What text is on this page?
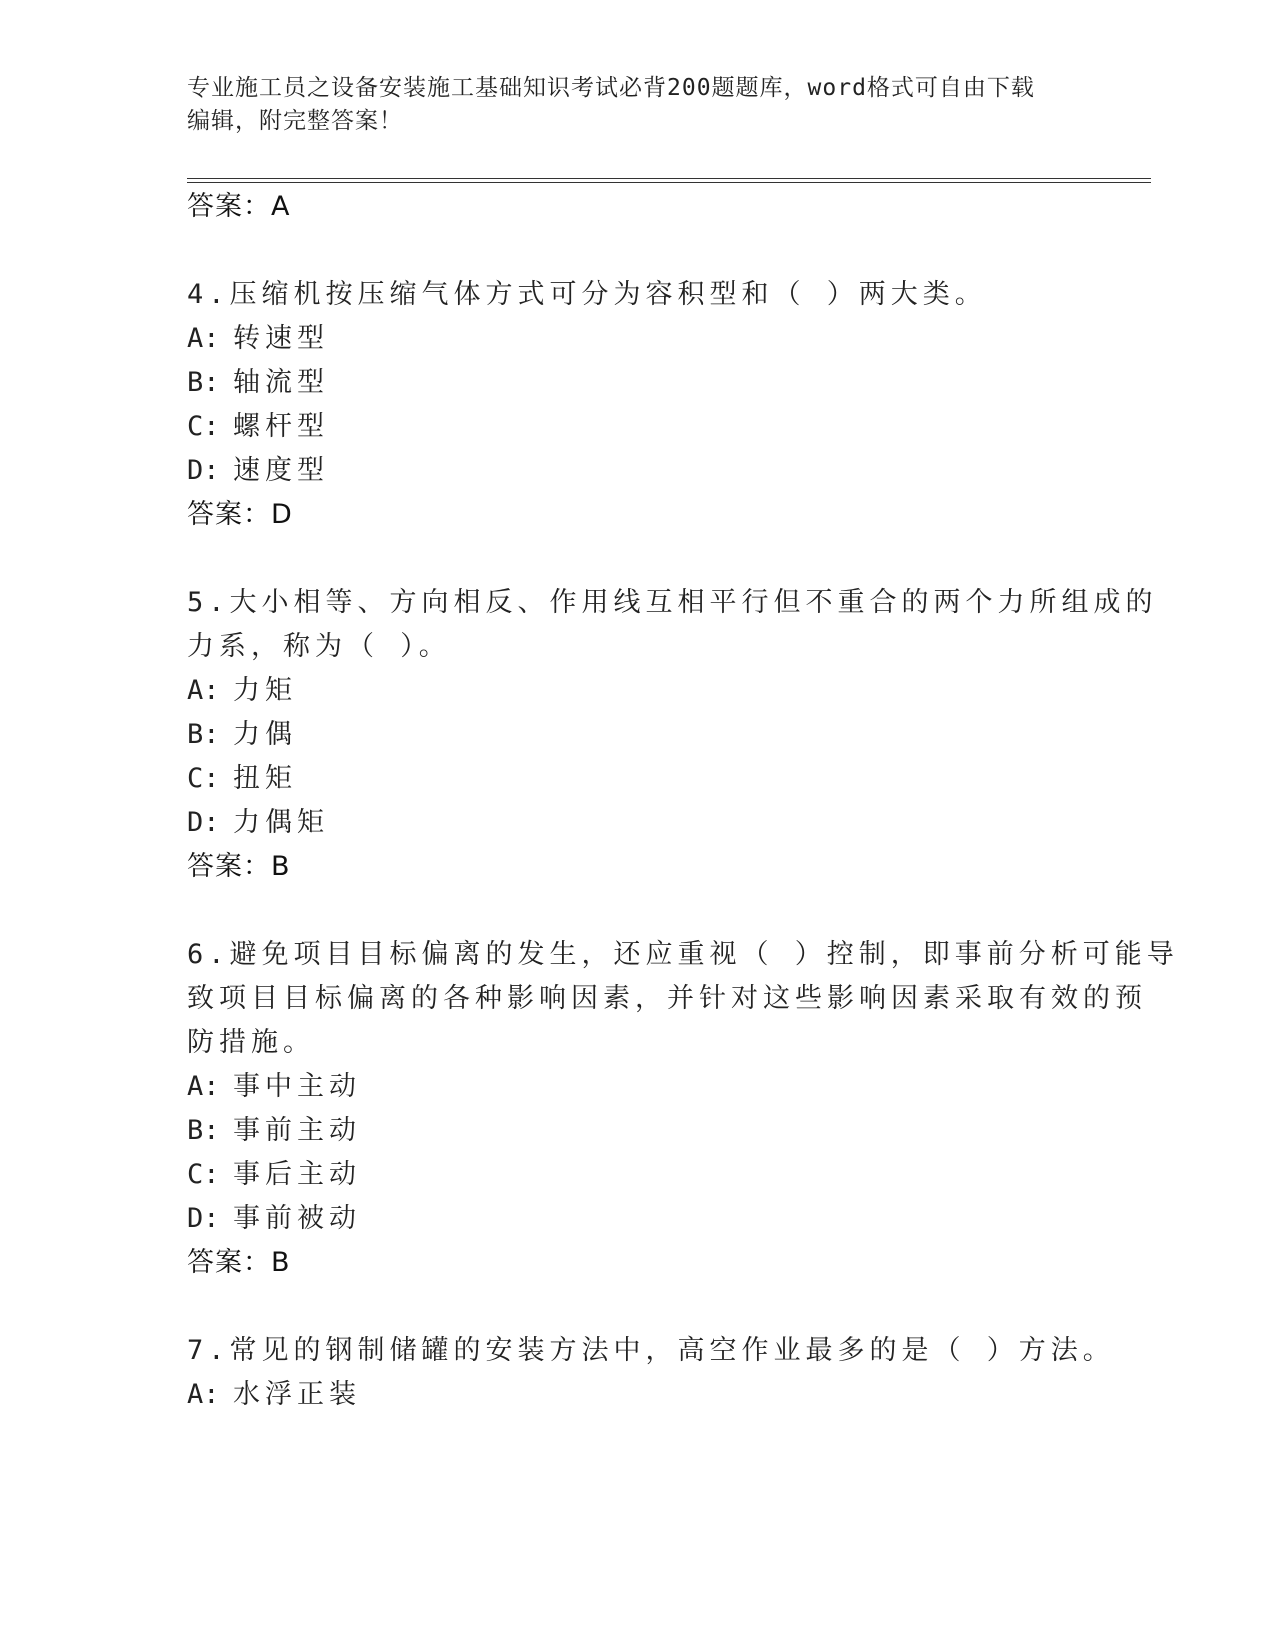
专业施工员之设备安装施工基础知识考试必背200题题库，word格式可自由下载
编辑，附完整答案！
答案：A
4.压缩机按压缩气体方式可分为容积型和（ ）两大类。
A: 转速型
B: 轴流型
C: 螺杆型
D: 速度型
答案：D
5.大小相等、方向相反、作用线互相平行但不重合的两个力所组成的
力系，称为（ ）。
A: 力矩
B: 力偶
C: 扭矩
D: 力偶矩
答案：B
6.避免项目目标偏离的发生，还应重视（ ）控制，即事前分析可能导
致项目目标偏离的各种影响因素，并针对这些影响因素采取有效的预
防措施。
A: 事中主动
B: 事前主动
C: 事后主动
D: 事前被动
答案：B
7.常见的钢制储罐的安装方法中，高空作业最多的是（ ）方法。
A: 水浮正装
